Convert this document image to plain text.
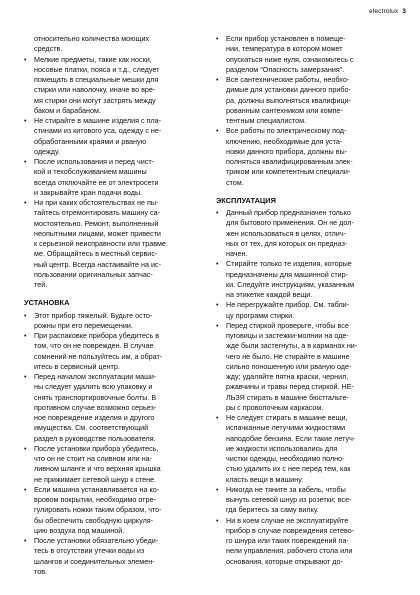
electrolux 3
относительно количества моющих
средств.
• Мелкие предметы, такие как носки,
носовые платки, пояса и т.д., следует
помещать в специальные мешки для
стирки или наволочку, иначе во вре-
мя стирки они могут застрять между
баком и барабаном.
• Не стирайте в машине изделия с пла-
стинами из китового уса, одежду с не-
обработанными краями и рваную
одежду.
• После использования и перед чист-
кой и техобслуживанием машины
всегда отключайте ее от электросети
и закрывайте кран подачи воды.
• Ни при каких обстоятельствах не пы-
тайтесь отремонтировать машину са-
мостоятельно. Ремонт, выполненный
неопытными лицами, может привести
к серьезной неисправности или травме.
ме. Обращайтесь в местный сервис-
ный центр. Всегда настаивайте на ис-
пользовании оригинальных запчас-
тей.
УСТАНОВКА
• Этот прибор тяжелый. Будьте осто-
рожны при его перемещении.
• При распаковке прибора убедитесь в
том, что он не поврежден. В случае
сомнений не пользуйтесь им, а обрат-
итесь в сервисный центр.
• Перед началом эксплуатации маши-
ны следует удалить всю упаковку и
снять транспортировочные болты. В
противном случае возможно серьез-
ное повреждение изделия и другого
имущества. См. соответствующий
раздел в руководстве пользователя.
• После установки прибора убедитесь,
что он не стоит на сливном или на-
ливном шланге и что верхняя крышка
не прижимает сетевой шнур к стене.
• Если машина устанавливается на ко-
вровом покрытии, необходимо отре-
гулировать ножки таким образом, что-
бы обеспечить свободную циркуля-
цию воздуха под машиной.
• После установки обязательно убеди-
тесь в отсутствии утечки воды из
шлангов и соединительных элемен-
тов.
• Если прибор установлен в помеще-
нии, температура в котором может
опускаться ниже нуля, ознакомьтесь с
разделом "Опасность замерзания".
• Все сантехнические работы, необхо-
димые для установки данного прибо-
ра, должны выполняться квалифици-
рованным сантехником или компе-
тентным специалистом.
• Все работы по электрическому под-
ключению, необходимые для уста-
новки данного прибора, должны вы-
полняться квалифицированным элек-
триком или компетентным специали-
стом.
ЭКСПЛУАТАЦИЯ
• Данный прибор предназначен только
для бытового применения. Он не дол-
жен использоваться в целях, отлич-
ных от тех, для которых он предназ-
начен.
• Стирайте только те изделия, которые
предназначены для машинной стир-
ки. Следуйте инструкциям, указанным
на этикетке каждой вещи.
• Не перегружайте прибор. См. табли-
цу программ стирки.
• Перед стиркой проверьте, чтобы все
пуговицы и застежки-молнии на оде-
жде были застегнуты, а в карманах ни-
чего не было. Не стирайте в машине
сильно поношенную или рваную оде-
жду; удаляйте пятна краски, чернил,
ржавчины и травы перед стиркой. НЕ-
ЛЬЗЯ стирать в машине бюстгальте-
ры с проволочным каркасом.
• Не следует стирать в машине вещи,
испачканные летучими жидкостями
наподобие бензина. Если такие летуч-
ие жидкости использовались для
чистки одежды, необходимо полно-
стью удалить их с нее перед тем, как
класть вещи в машину.
• Никогда не тяните за кабель, чтобы
вынуть сетевой шнур из розетки; все-
гда беритесь за саму вилку.
• Ни в коем случае не эксплуатируйте
прибор в случае повреждения сетево-
го шнура или таких повреждений па-
нели управления, рабочего стола или
основания, которые открывают до-
